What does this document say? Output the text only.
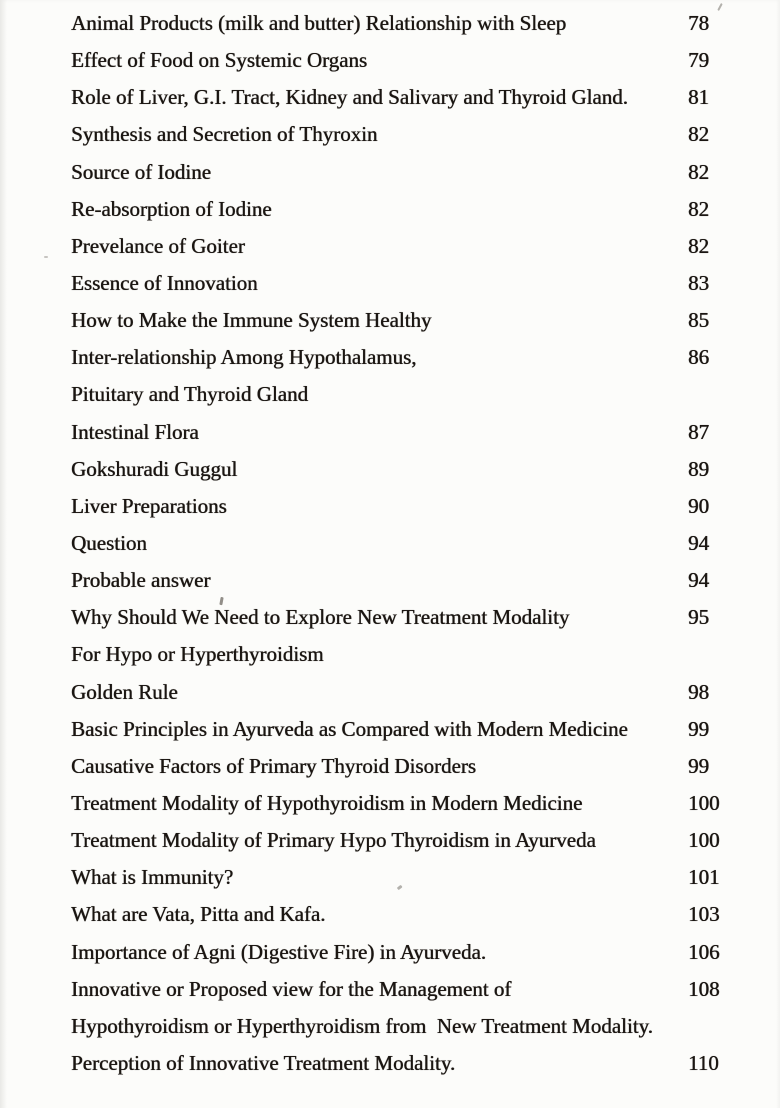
Animal Products (milk and butter) Relationship with Sleep	78
Effect of Food on Systemic Organs	79
Role of Liver, G.I. Tract, Kidney and Salivary and Thyroid Gland.	81
Synthesis and Secretion of Thyroxin	82
Source of Iodine	82
Re-absorption of Iodine	82
Prevelance of Goiter	82
Essence of Innovation	83
How to Make the Immune System Healthy	85
Inter-relationship Among Hypothalamus,	86
Pituitary and Thyroid Gland
Intestinal Flora	87
Gokshuradi Guggul	89
Liver Preparations	90
Question	94
Probable answer	94
Why Should We Need to Explore New Treatment Modality	95
For Hypo or Hyperthyroidism
Golden Rule	98
Basic Principles in Ayurveda as Compared with Modern Medicine	99
Causative Factors of Primary Thyroid Disorders	99
Treatment Modality of Hypothyroidism in Modern Medicine	100
Treatment Modality of Primary Hypo Thyroidism in Ayurveda	100
What is Immunity?	101
What are Vata, Pitta and Kafa.	103
Importance of Agni (Digestive Fire) in Ayurveda.	106
Innovative or Proposed view for the Management of	108
Hypothyroidism or Hyperthyroidism from  New Treatment Modality.
Perception of Innovative Treatment Modality.	110
